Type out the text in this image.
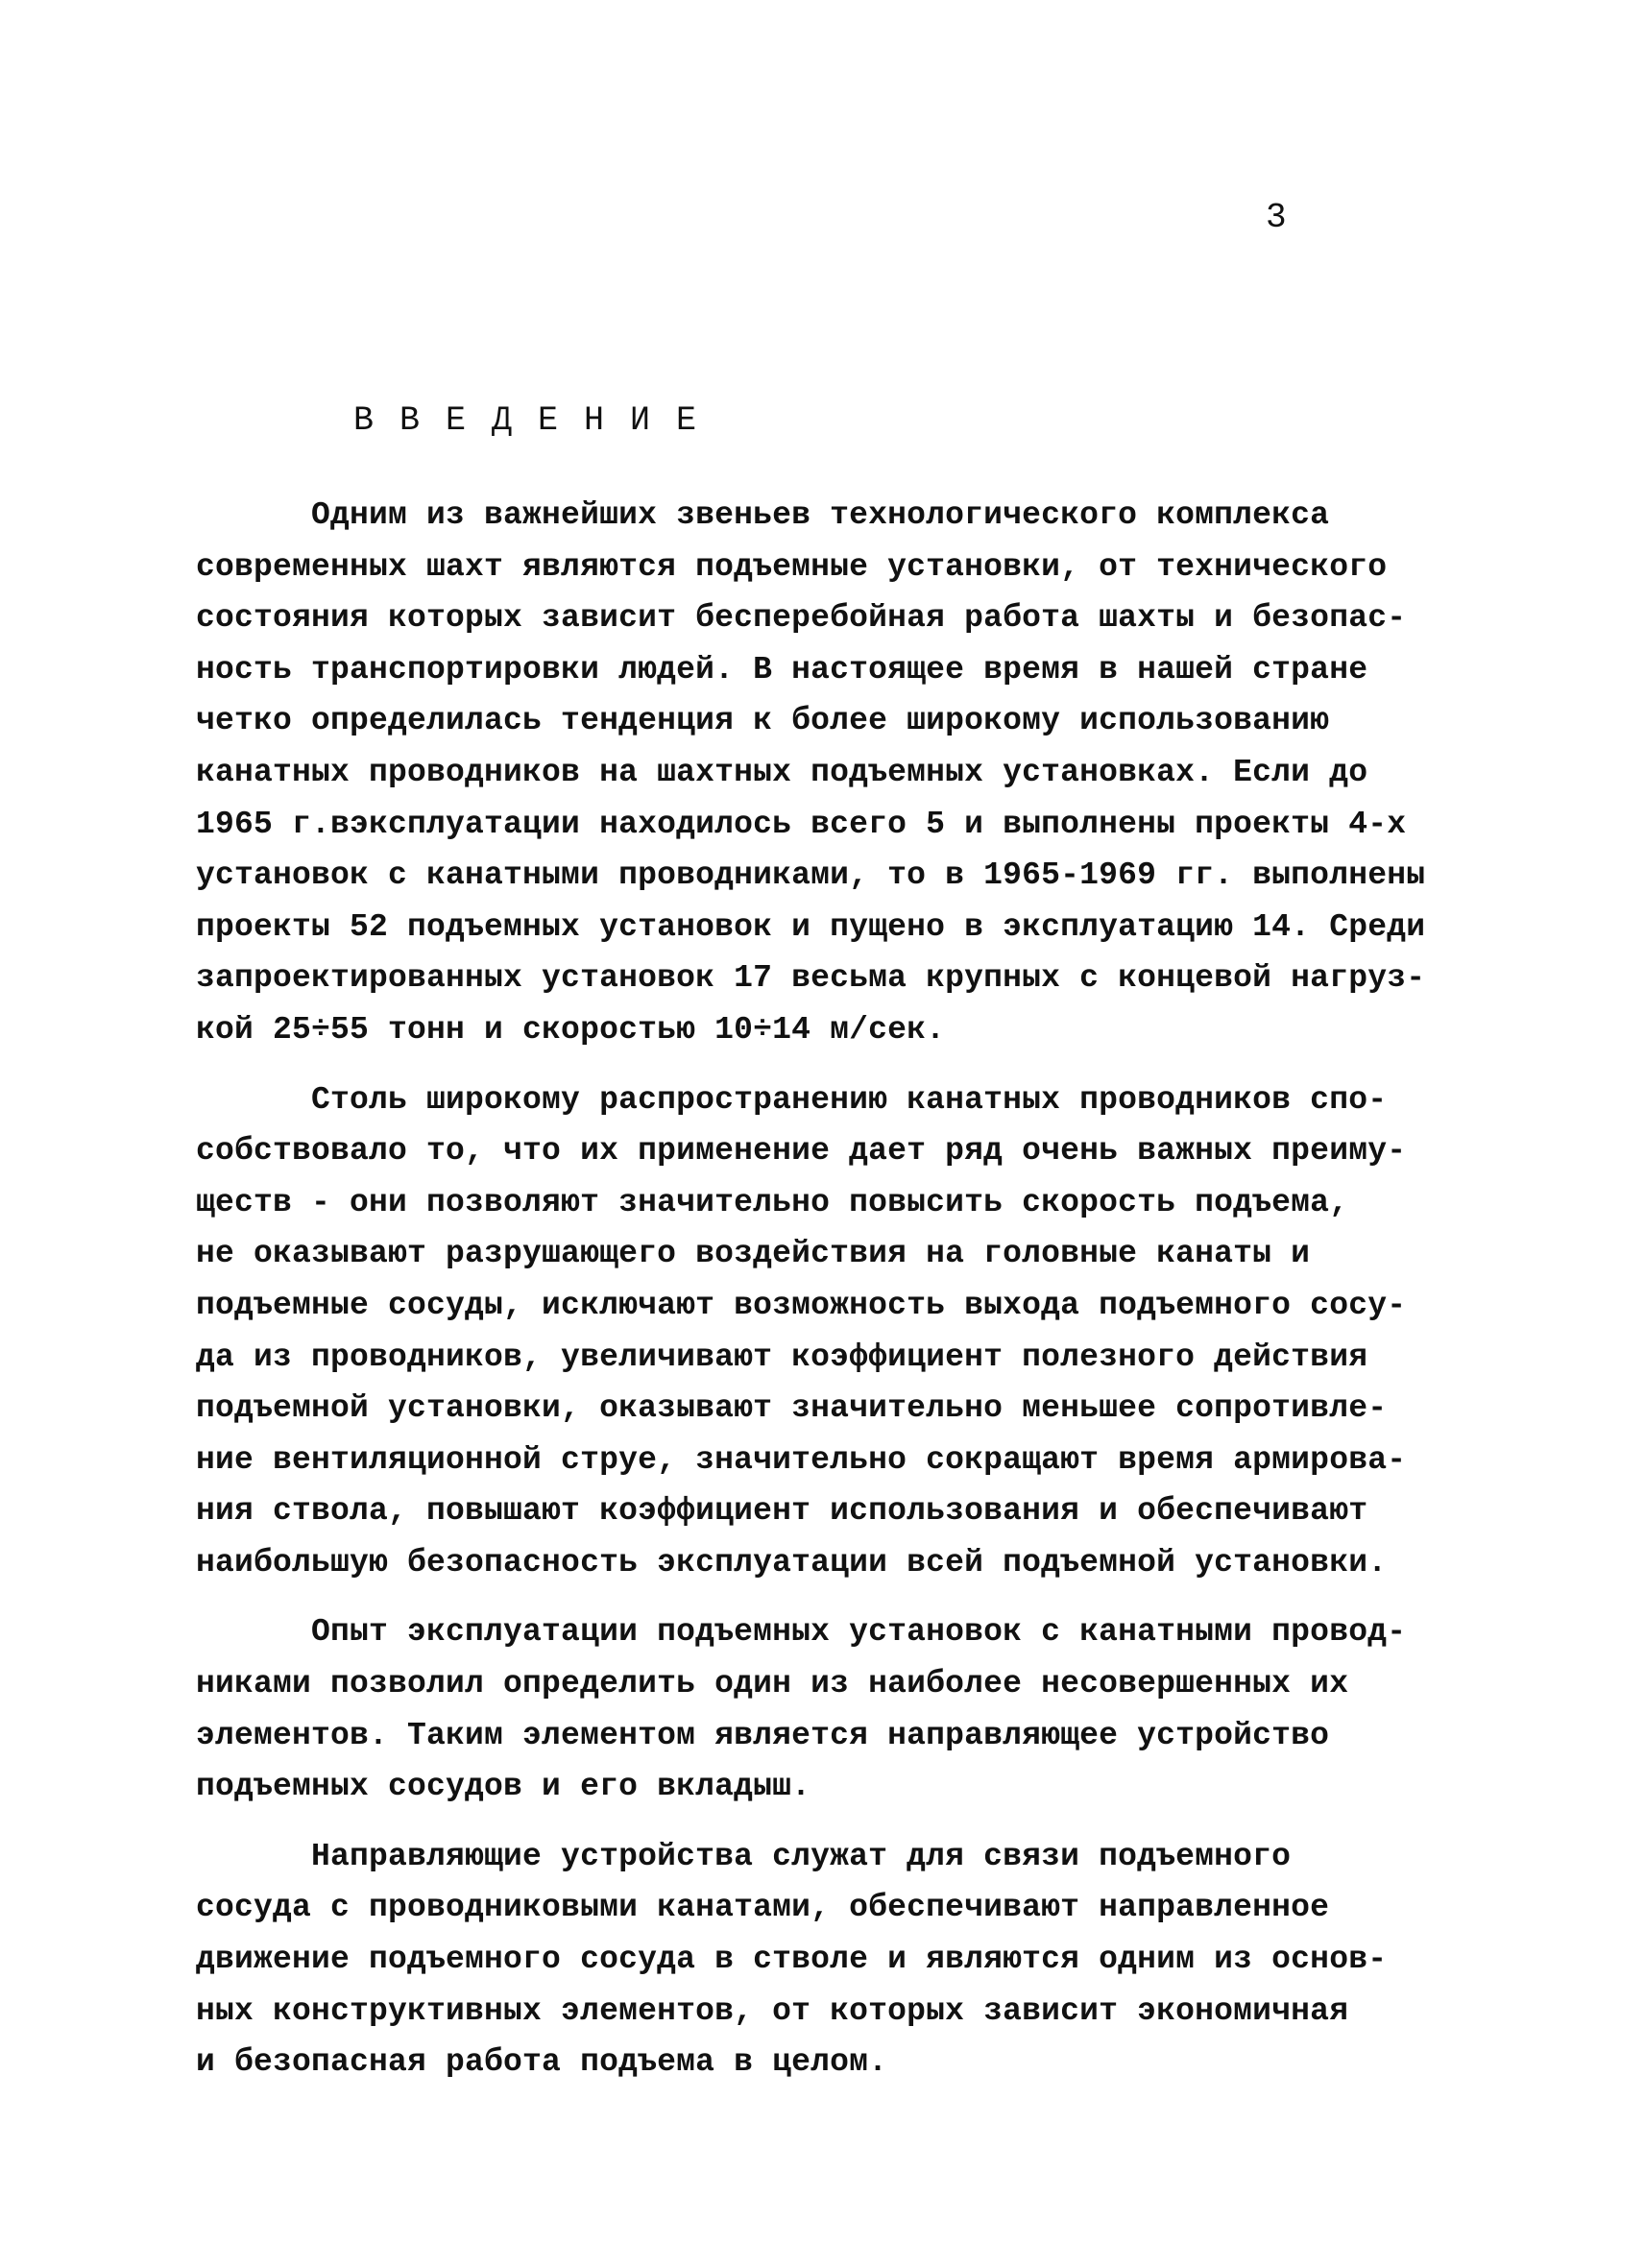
3
В В Е Д Е Н И Е
Одним из важнейших звеньев технологического комплекса
современных шахт являются подъемные установки, от технического
состояния которых зависит бесперебойная работа шахты и безопас-
ность транспортировки людей. В настоящее время в нашей стране
четко определилась тенденция к более широкому использованию
канатных проводников на шахтных подъемных установках. Если до
1965 г.вэксплуатации находилось всего 5 и выполнены проекты 4-х
установок с канатными проводниками, то в 1965-1969 гг. выполнены
проекты 52 подъемных установок и пущено в эксплуатацию 14. Среди
запроектированных установок 17 весьма крупных с концевой нагруз-
кой 25÷55 тонн и скоростью 10÷14 м/сек.
Столь широкому распространению канатных проводников спо-
собствовало то, что их применение дает ряд очень важных преиму-
ществ - они позволяют значительно повысить скорость подъема,
не оказывают разрушающего воздействия на головные канаты и
подъемные сосуды, исключают возможность выхода подъемного сосу-
да из проводников, увеличивают коэффициент полезного действия
подъемной установки, оказывают значительно меньшее сопротивле-
ние вентиляционной струе, значительно сокращают время армирова-
ния ствола, повышают коэффициент использования и обеспечивают
наибольшую безопасность эксплуатации всей подъемной установки.
Опыт эксплуатации подъемных установок с канатными провод-
никами позволил определить один из наиболее несовершенных их
элементов. Таким элементом является направляющее устройство
подъемных сосудов и его вкладыш.
Направляющие устройства служат для связи подъемного
сосуда с проводниковыми канатами, обеспечивают направленное
движение подъемного сосуда в стволе и являются одним из основ-
ных конструктивных элементов, от которых зависит экономичная
и безопасная работа подъема в целом.
